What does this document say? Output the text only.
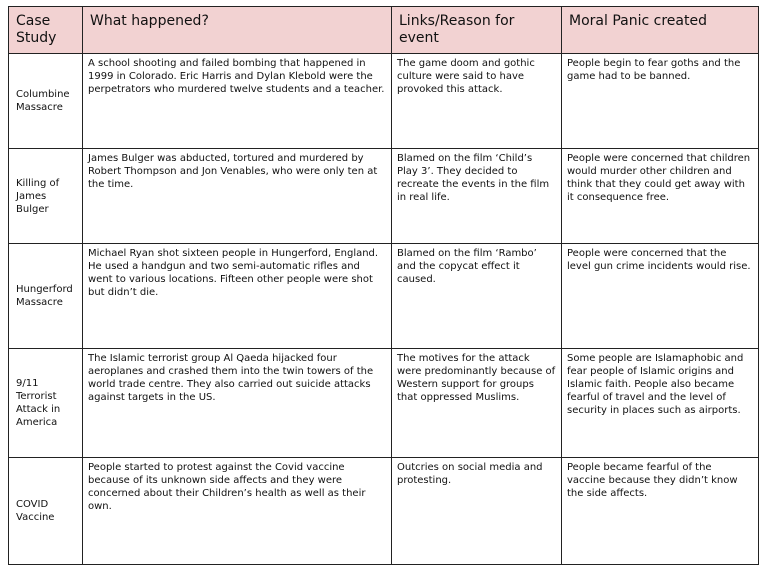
Case Study	What happened?	Links/Reason for event	Moral Panic created
Columbine Massacre	A school shooting and failed bombing that happened in 1999 in Colorado. Eric Harris and Dylan Klebold were the perpetrators who murdered twelve students and a teacher.	The game doom and gothic culture were said to have provoked this attack.	People begin to fear goths and the game had to be banned.
Killing of James Bulger	James Bulger was abducted, tortured and murdered by Robert Thompson and Jon Venables, who were only ten at the time.	Blamed on the film ‘Child’s Play 3’. They decided to recreate the events in the film in real life.	People were concerned that children would murder other children and think that they could get away with it consequence free.
Hungerford Massacre	Michael Ryan shot sixteen people in Hungerford, England. He used a handgun and two semi-automatic rifles and went to various locations. Fifteen other people were shot but didn’t die.	Blamed on the film ‘Rambo’ and the copycat effect it caused.	People were concerned that the level gun crime incidents would rise.
9/11 Terrorist Attack in America	The Islamic terrorist group Al Qaeda hijacked four aeroplanes and crashed them into the twin towers of the world trade centre. They also carried out suicide attacks against targets in the US.	The motives for the attack were predominantly because of Western support for groups that oppressed Muslims.	Some people are Islamaphobic and fear people of Islamic origins and Islamic faith. People also became fearful of travel and the level of security in places such as airports.
COVID Vaccine	People started to protest against the Covid vaccine because of its unknown side affects and they were concerned about their Children’s health as well as their own.	Outcries on social media and protesting.	People became fearful of the vaccine because they didn’t know the side affects.
